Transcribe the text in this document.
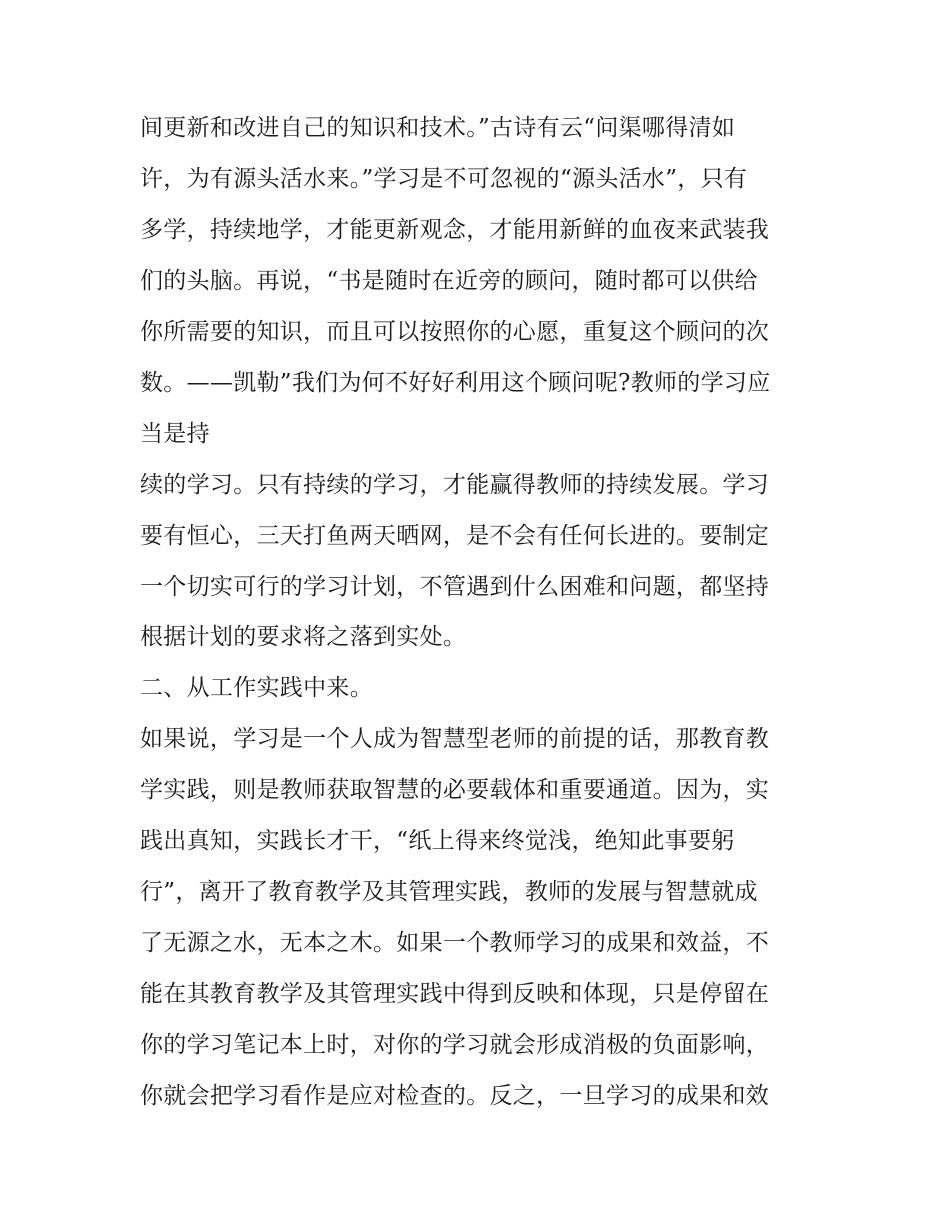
间更新和改进自己的知识和技术。”古诗有云“问渠哪得清如

许，为有源头活水来。”学习是不可忽视的“源头活水”，只有

多学，持续地学，才能更新观念，才能用新鲜的血夜来武装我

们的头脑。再说，“书是随时在近旁的顾问，随时都可以供给

你所需要的知识，而且可以按照你的心愿，重复这个顾问的次

数。——凯勒”我们为何不好好利用这个顾问呢?教师的学习应

当是持

续的学习。只有持续的学习，才能赢得教师的持续发展。学习

要有恒心，三天打鱼两天晒网，是不会有任何长进的。要制定

一个切实可行的学习计划，不管遇到什么困难和问题，都坚持

根据计划的要求将之落到实处。

二、从工作实践中来。

如果说，学习是一个人成为智慧型老师的前提的话，那教育教

学实践，则是教师获取智慧的必要载体和重要通道。因为，实

践出真知，实践长才干，“纸上得来终觉浅，绝知此事要躬

行”，离开了教育教学及其管理实践，教师的发展与智慧就成

了无源之水，无本之木。如果一个教师学习的成果和效益，不

能在其教育教学及其管理实践中得到反映和体现，只是停留在

你的学习笔记本上时，对你的学习就会形成消极的负面影响，

你就会把学习看作是应对检查的。反之，一旦学习的成果和效
